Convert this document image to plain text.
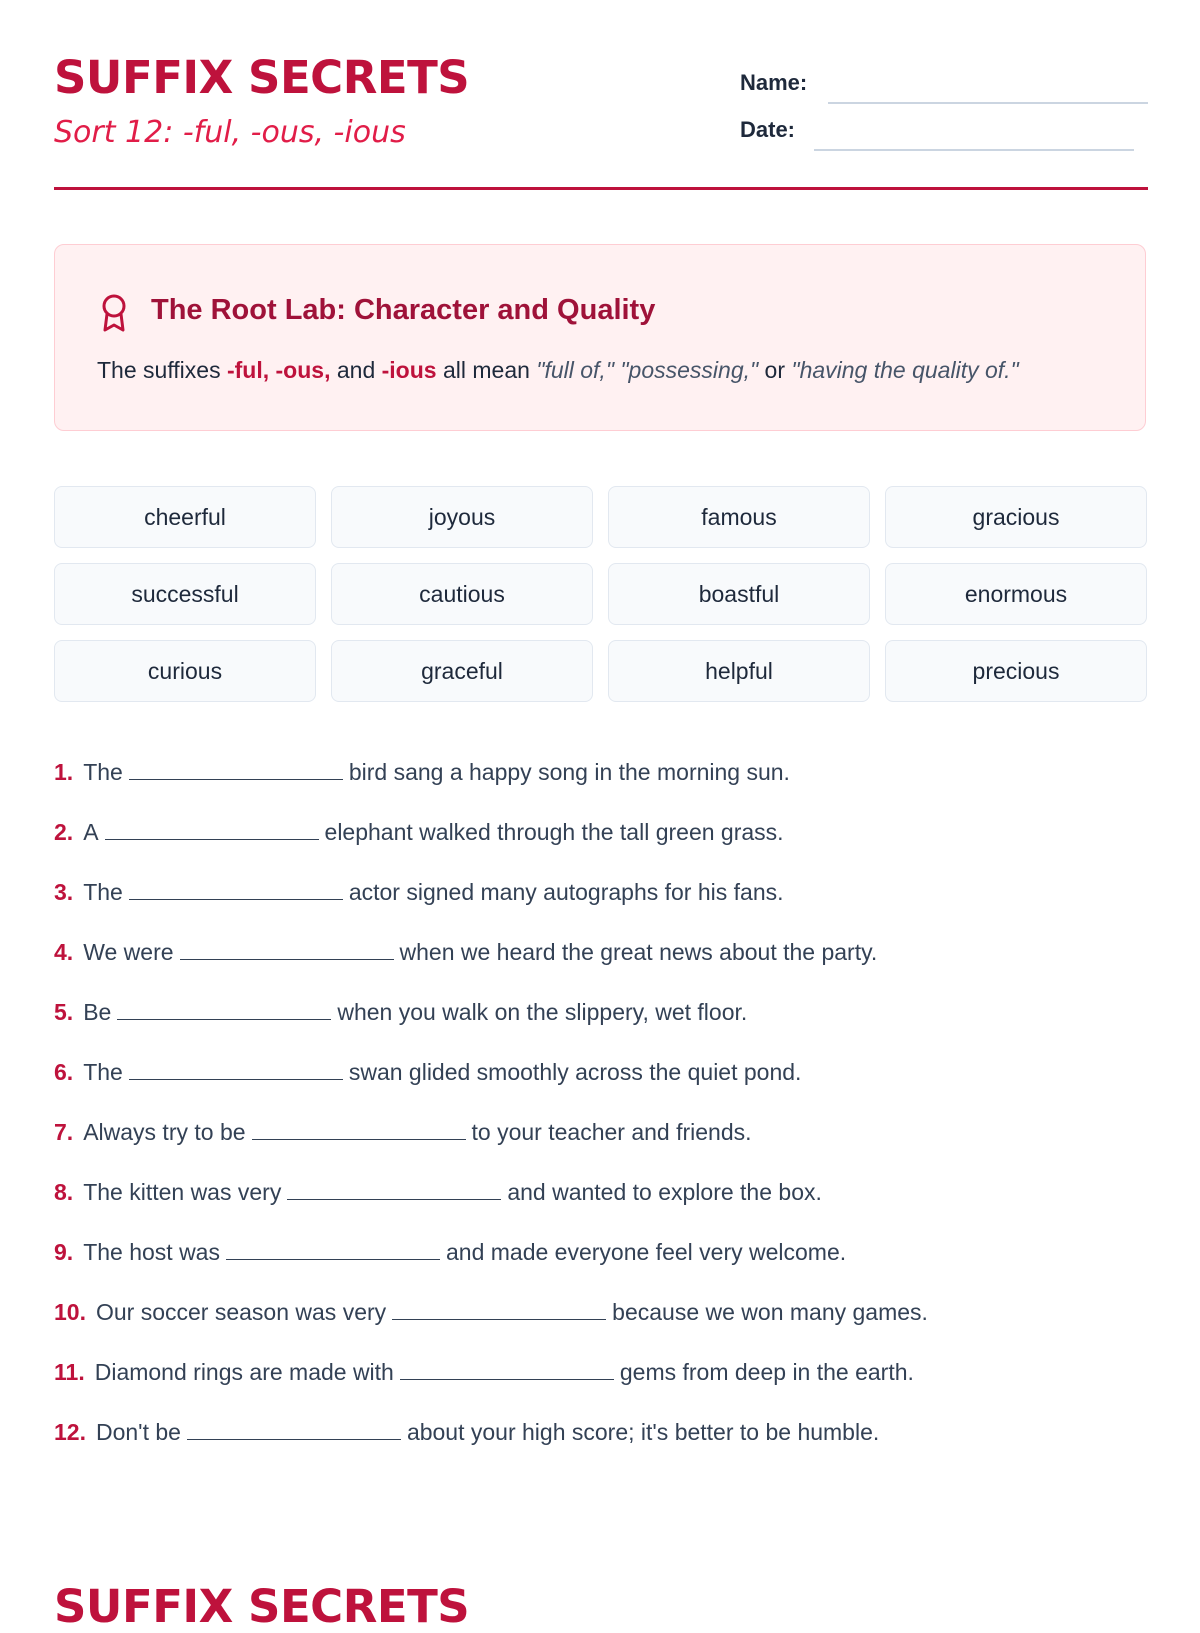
SUFFIX SECRETS
Sort 12: -ful, -ous, -ious
Name:
Date:
The Root Lab: Character and Quality
The suffixes -ful, -ous, and -ious all mean "full of," "possessing," or "having the quality of."
cheerful	joyous	famous	gracious
successful	cautious	boastful	enormous
curious	graceful	helpful	precious
1. The	bird sang a happy song in the morning sun.
2. A	elephant walked through the tall green grass.
3. The	actor signed many autographs for his fans.
4. We were	when we heard the great news about the party.
5. Be	when you walk on the slippery, wet floor.
6. The	swan glided smoothly across the quiet pond.
7. Always try to be	to your teacher and friends.
8. The kitten was very	and wanted to explore the box.
9. The host was	and made everyone feel very welcome.
10. Our soccer season was very	because we won many games.
11. Diamond rings are made with	gems from deep in the earth.
12. Don't be	about your high score; it's better to be humble.
SUFFIX SECRETS
